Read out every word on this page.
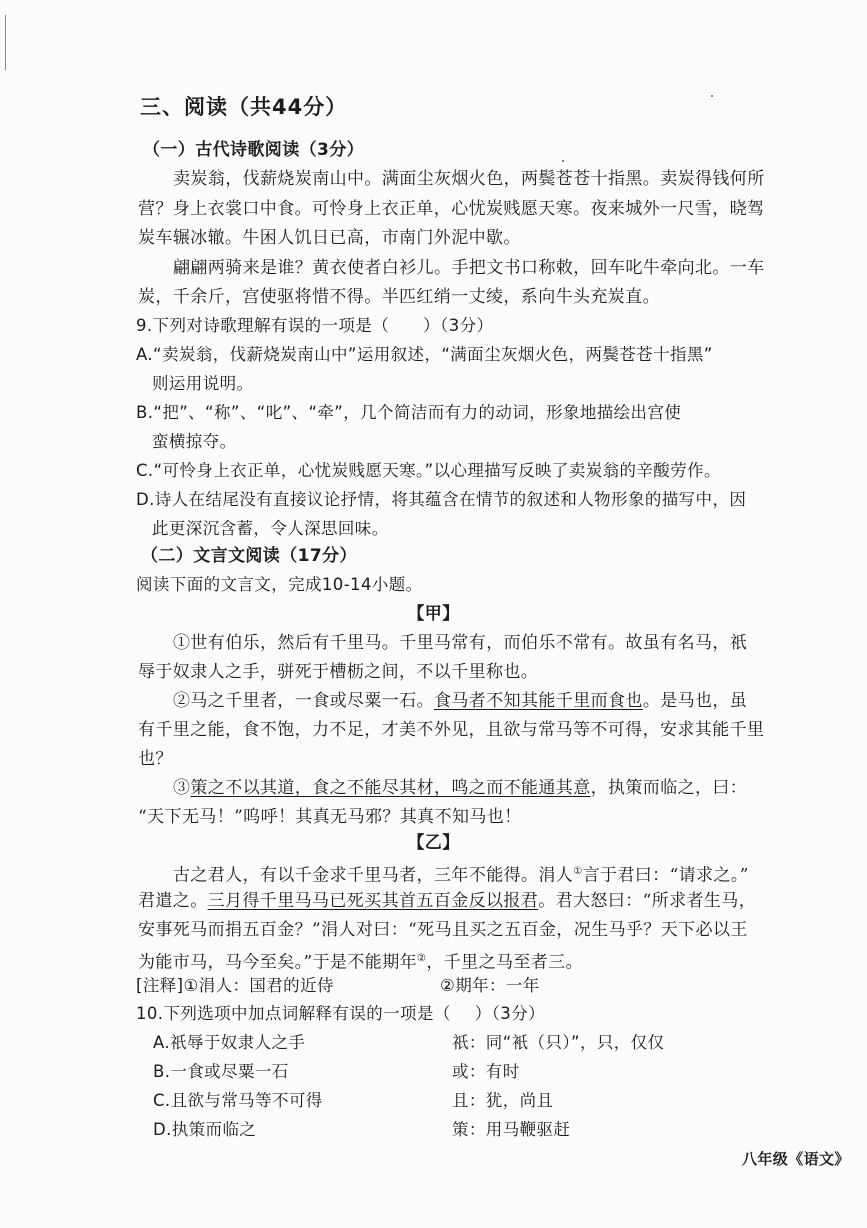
三、阅读（共44分）
（一）古代诗歌阅读（3分）
卖炭翁，伐薪烧炭南山中。满面尘灰烟火色，两鬓苍苍十指黑。卖炭得钱何所
营？身上衣裳口中食。可怜身上衣正单，心忧炭贱愿天寒。夜来城外一尺雪，晓驾
炭车辗冰辙。牛困人饥日已高，市南门外泥中歇。
翩翩两骑来是谁？黄衣使者白衫儿。手把文书口称敕，回车叱牛牵向北。一车
炭，千余斤，宫使驱将惜不得。半匹红绡一丈绫，系向牛头充炭直。
9.下列对诗歌理解有误的一项是（ ）（3分）
A.“卖炭翁，伐薪烧炭南山中”运用叙述，“满面尘灰烟火色，两鬓苍苍十指黑”
则运用说明。
B.“把”、“称”、“叱”、“牵”，几个简洁而有力的动词，形象地描绘出宫使
蛮横掠夺。
C.“可怜身上衣正单，心忧炭贱愿天寒。”以心理描写反映了卖炭翁的辛酸劳作。
D.诗人在结尾没有直接议论抒情，将其蕴含在情节的叙述和人物形象的描写中，因
此更深沉含蓄，令人深思回味。
（二）文言文阅读（17分）
阅读下面的文言文，完成10-14小题。
【甲】
①世有伯乐，然后有千里马。千里马常有，而伯乐不常有。故虽有名马，祇
辱于奴隶人之手，骈死于槽枥之间，不以千里称也。
②马之千里者，一食或尽粟一石。食马者不知其能千里而食也。是马也，虽
有千里之能，食不饱，力不足，才美不外见，且欲与常马等不可得，安求其能千里
也？
③策之不以其道，食之不能尽其材，鸣之而不能通其意，执策而临之，曰：
“天下无马！”呜呼！其真无马邪？其真不知马也！
【乙】
古之君人，有以千金求千里马者，三年不能得。涓人①言于君曰：“请求之。”
君遣之。三月得千里马马已死买其首五百金反以报君。君大怒曰：“所求者生马，
安事死马而捐五百金？”涓人对曰：“死马且买之五百金，况生马乎？天下必以王
为能市马，马今至矣。”于是不能期年②，千里之马至者三。
[注释]①涓人：国君的近侍	②期年：一年
10.下列选项中加点词解释有误的一项是（ ）（3分）
A.祇辱于奴隶人之手	祇：同“衹（只）”，只，仅仅
B.一食或尽粟一石	或：有时
C.且欲与常马等不可得	且：犹，尚且
D.执策而临之	策：用马鞭驱赶
八年级《语文》
